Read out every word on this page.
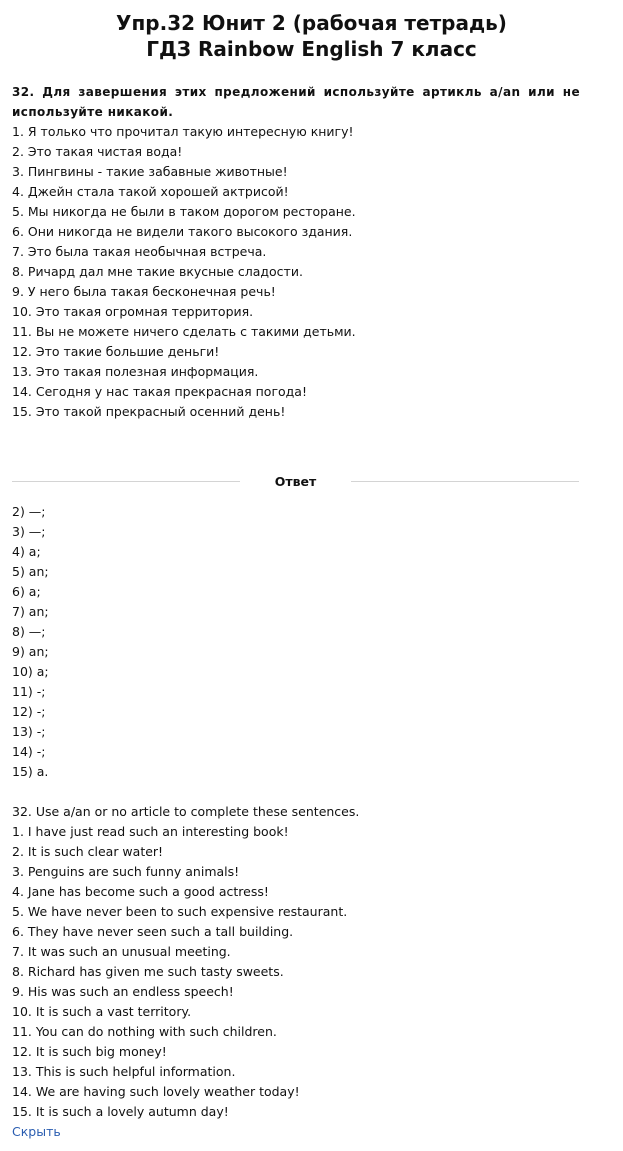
Упр.32 Юнит 2 (рабочая тетрадь)
ГДЗ Rainbow English 7 класс
32. Для завершения этих предложений используйте артикль a/an или не используйте никакой.
1. Я только что прочитал такую интересную книгу!
2. Это такая чистая вода!
3. Пингвины - такие забавные животные!
4. Джейн стала такой хорошей актрисой!
5. Мы никогда не были в таком дорогом ресторане.
6. Они никогда не видели такого высокого здания.
7. Это была такая необычная встреча.
8. Ричард дал мне такие вкусные сладости.
9. У него была такая бесконечная речь!
10. Это такая огромная территория.
11. Вы не можете ничего сделать с такими детьми.
12. Это такие большие деньги!
13. Это такая полезная информация.
14. Сегодня у нас такая прекрасная погода!
15. Это такой прекрасный осенний день!
Ответ
2) —;
3) —;
4) a;
5) an;
6) a;
7) an;
8) —;
9) an;
10) a;
11) -;
12) -;
13) -;
14) -;
15) a.
32. Use a/an or no article to complete these sentences.
1. I have just read such an interesting book!
2. It is such clear water!
3. Penguins are such funny animals!
4. Jane has become such a good actress!
5. We have never been to such expensive restaurant.
6. They have never seen such a tall building.
7. It was such an unusual meeting.
8. Richard has given me such tasty sweets.
9. His was such an endless speech!
10. It is such a vast territory.
11. You can do nothing with such children.
12. It is such big money!
13. This is such helpful information.
14. We are having such lovely weather today!
15. It is such a lovely autumn day!
Скрыть
